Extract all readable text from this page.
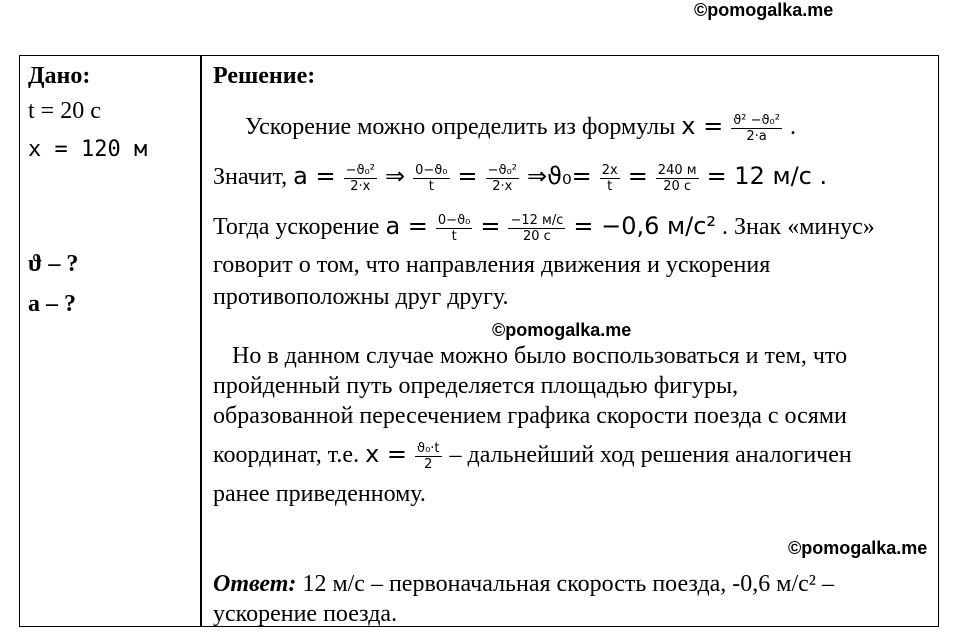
©pomogalka.me
©pomogalka.me
©pomogalka.me
Дано:
t = 20 с
x = 120 м
ϑ – ?
a – ?
Решение:
Ускорение можно определить из формулы $x = \frac{\text{ϑ² −ϑ₀²}}{2\cdot a}$ .
Значит, $a = \frac{\text{−ϑ₀²}}{2\cdot x}$ ⇒ $\frac{\text{0−ϑ₀}}{t} = \frac{\text{−ϑ₀²}}{2\cdot x}$ ⇒ϑ₀= $\frac{2x}{t} = \frac{240 м}{20 с} = 12$ м/с .
Тогда ускорение $a = \frac{\text{0−ϑ₀}}{t} = \frac{-12 м/с}{20 с} = -0,6$ м/с² . Знак «минус»
говорит о том, что направления движения и ускорения
противоположны друг другу.
Но в данном случае можно было воспользоваться и тем, что
пройденный путь определяется площадью фигуры,
образованной пересечением графика скорости поезда с осями
координат, т.е. $x = \frac{\text{ϑ₀·t}}{2}$ – дальнейший ход решения аналогичен
ранее приведенному.
Ответ: 12 м/с – первоначальная скорость поезда, -0,6 м/с² –
ускорение поезда.
